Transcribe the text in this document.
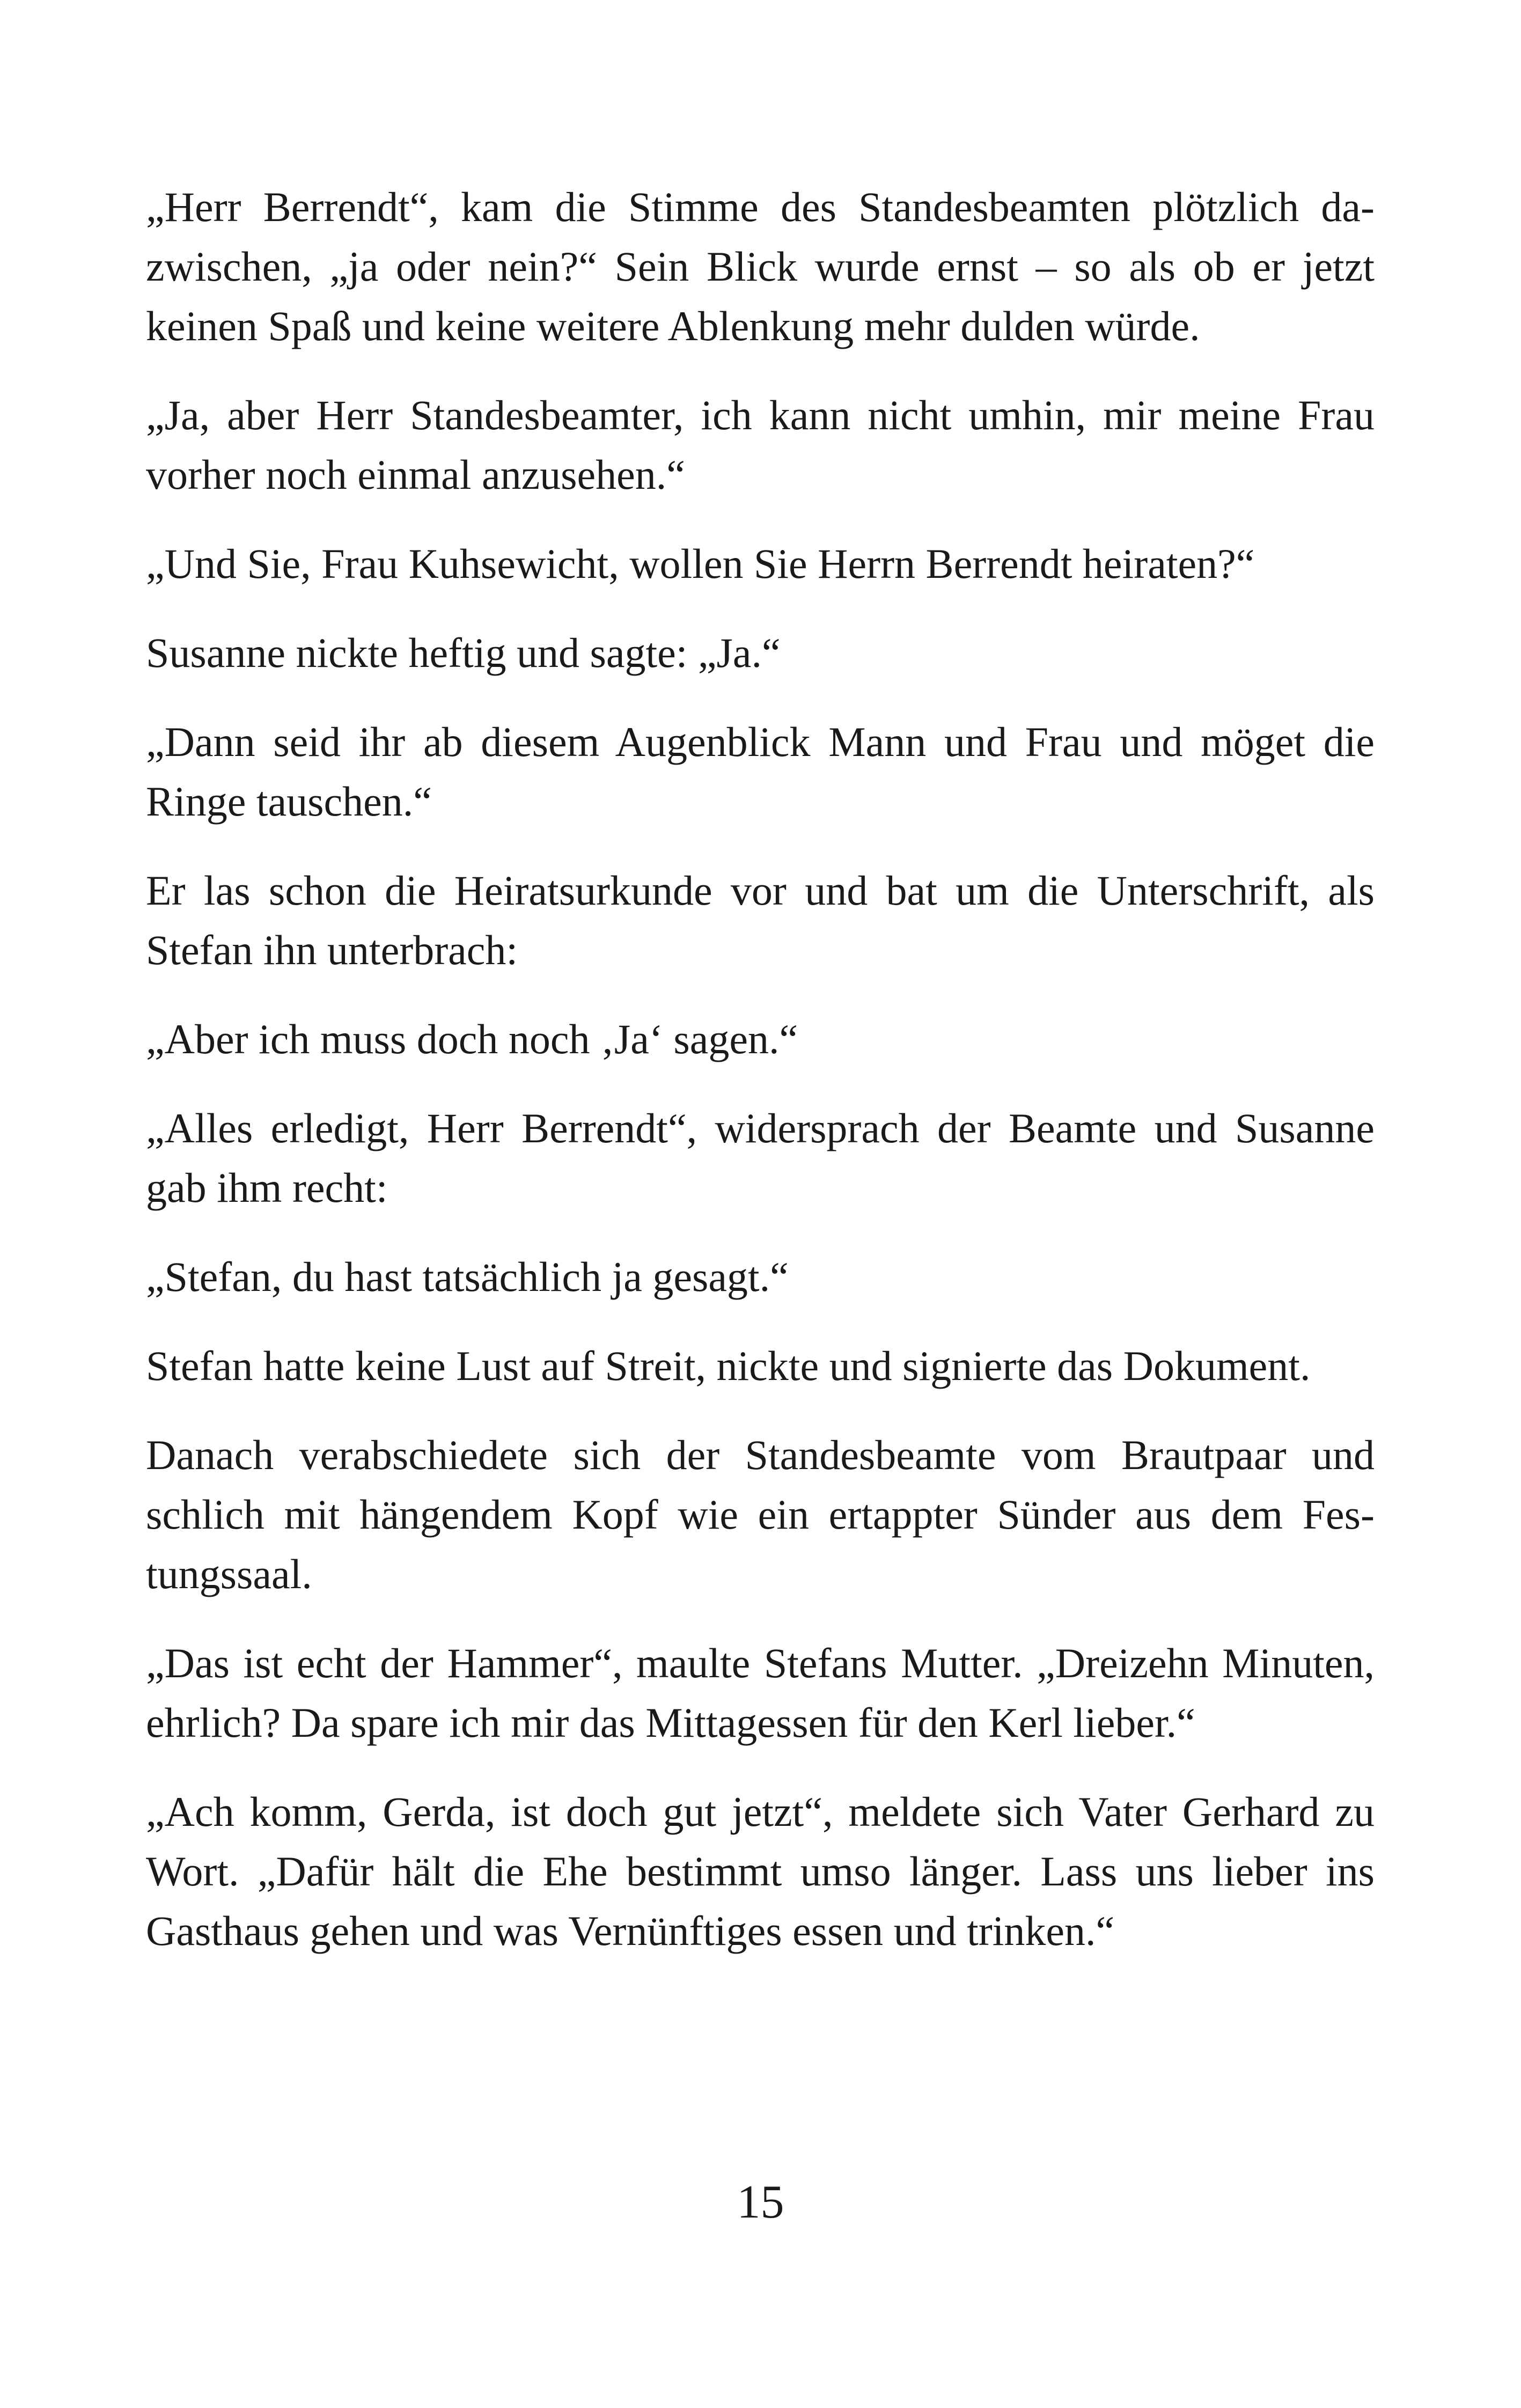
„Herr Berrendt“, kam die Stimme des Standesbeamten plötzlich dazwischen, „ja oder nein?“ Sein Blick wurde ernst – so als ob er jetzt keinen Spaß und keine weitere Ablenkung mehr dulden würde.

„Ja, aber Herr Standesbeamter, ich kann nicht umhin, mir meine Frau vorher noch einmal anzusehen.“

„Und Sie, Frau Kuhsewicht, wollen Sie Herrn Berrendt heiraten?“

Susanne nickte heftig und sagte: „Ja.“

„Dann seid ihr ab diesem Augenblick Mann und Frau und möget die Ringe tauschen.“

Er las schon die Heiratsurkunde vor und bat um die Unterschrift, als Stefan ihn unterbrach:

„Aber ich muss doch noch ‚Ja‘ sagen.“

„Alles erledigt, Herr Berrendt“, widersprach der Beamte und Susanne gab ihm recht:

„Stefan, du hast tatsächlich ja gesagt.“

Stefan hatte keine Lust auf Streit, nickte und signierte das Dokument.

Danach verabschiedete sich der Standesbeamte vom Brautpaar und schlich mit hängendem Kopf wie ein ertappter Sünder aus dem Festungssaal.

„Das ist echt der Hammer“, maulte Stefans Mutter. „Dreizehn Minuten, ehrlich? Da spare ich mir das Mittagessen für den Kerl lieber.“

„Ach komm, Gerda, ist doch gut jetzt“, meldete sich Vater Gerhard zu Wort. „Dafür hält die Ehe bestimmt umso länger. Lass uns lieber ins Gasthaus gehen und was Vernünftiges essen und trinken.“

15
